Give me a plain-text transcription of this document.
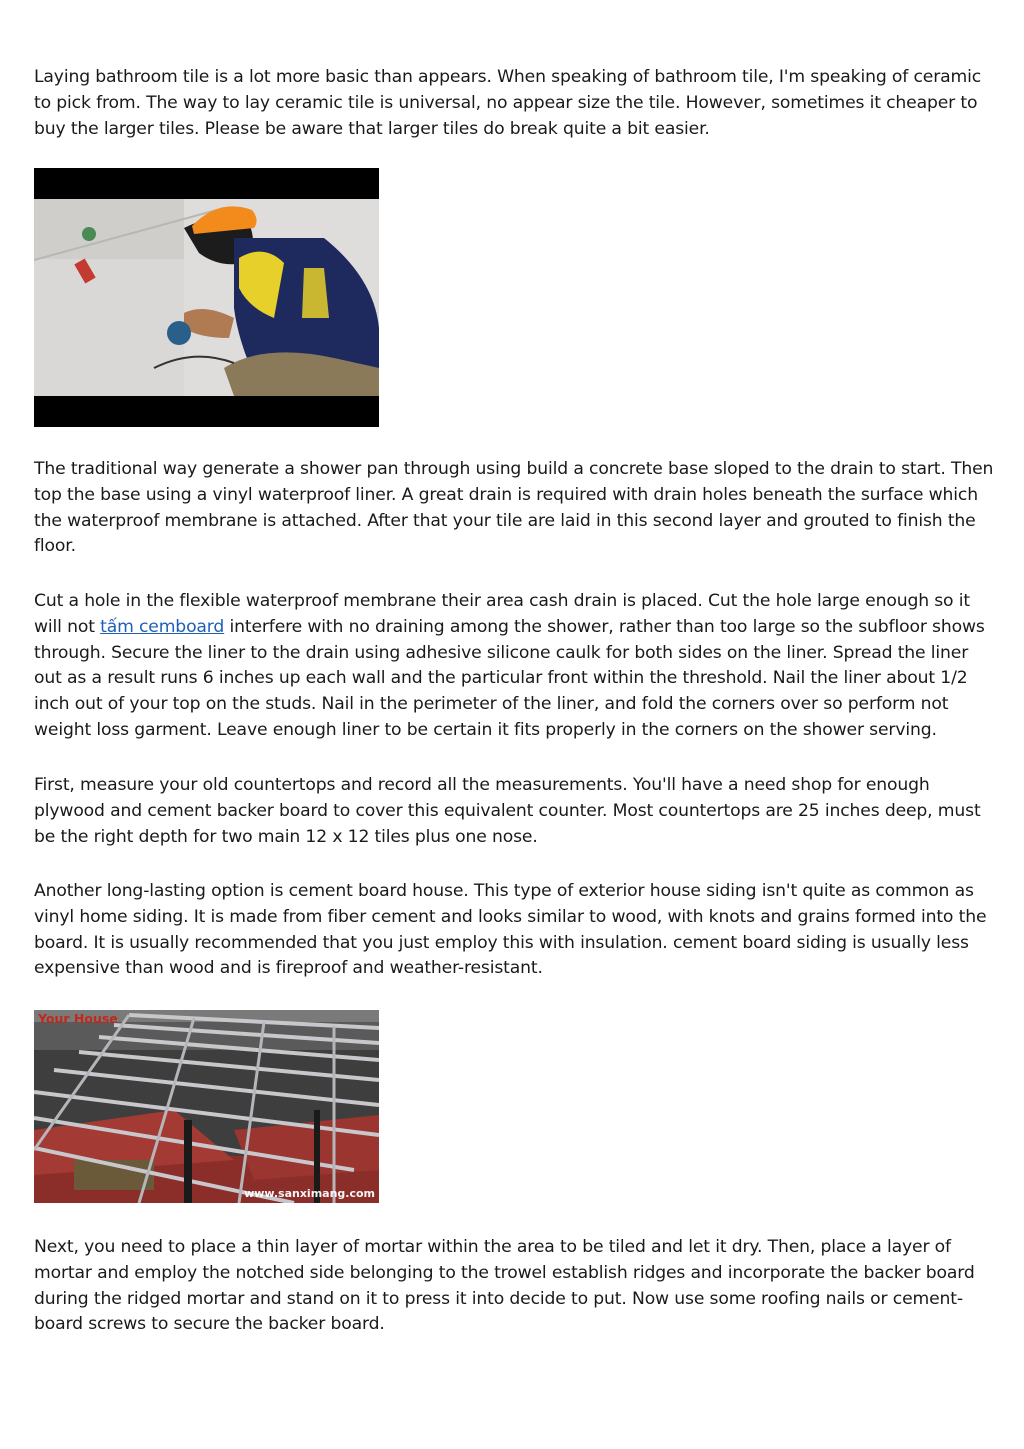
Laying bathroom tile is a lot more basic than appears. When speaking of bathroom tile, I'm speaking of ceramic to pick from. The way to lay ceramic tile is universal, no appear size the tile. However, sometimes it cheaper to buy the larger tiles. Please be aware that larger tiles do break quite a bit easier.

The traditional way generate a shower pan through using build a concrete base sloped to the drain to start. Then top the base using a vinyl waterproof liner. A great drain is required with drain holes beneath the surface which the waterproof membrane is attached. After that your tile are laid in this second layer and grouted to finish the floor.

Cut a hole in the flexible waterproof membrane their area cash drain is placed. Cut the hole large enough so it will not tấm cemboard interfere with no draining among the shower, rather than too large so the subfloor shows through. Secure the liner to the drain using adhesive silicone caulk for both sides on the liner. Spread the liner out as a result runs 6 inches up each wall and the particular front within the threshold. Nail the liner about 1/2 inch out of your top on the studs. Nail in the perimeter of the liner, and fold the corners over so perform not weight loss garment. Leave enough liner to be certain it fits properly in the corners on the shower serving.

First, measure your old countertops and record all the measurements. You'll have a need shop for enough plywood and cement backer board to cover this equivalent counter. Most countertops are 25 inches deep, must be the right depth for two main 12 x 12 tiles plus one nose.

Another long-lasting option is cement board house. This type of exterior house siding isn't quite as common as vinyl home siding. It is made from fiber cement and looks similar to wood, with knots and grains formed into the board. It is usually recommended that you just employ this with insulation. cement board siding is usually less expensive than wood and is fireproof and weather-resistant.

Your House
www.sanximang.com

Next, you need to place a thin layer of mortar within the area to be tiled and let it dry. Then, place a layer of mortar and employ the notched side belonging to the trowel establish ridges and incorporate the backer board during the ridged mortar and stand on it to press it into decide to put. Now use some roofing nails or cement-board screws to secure the backer board.
